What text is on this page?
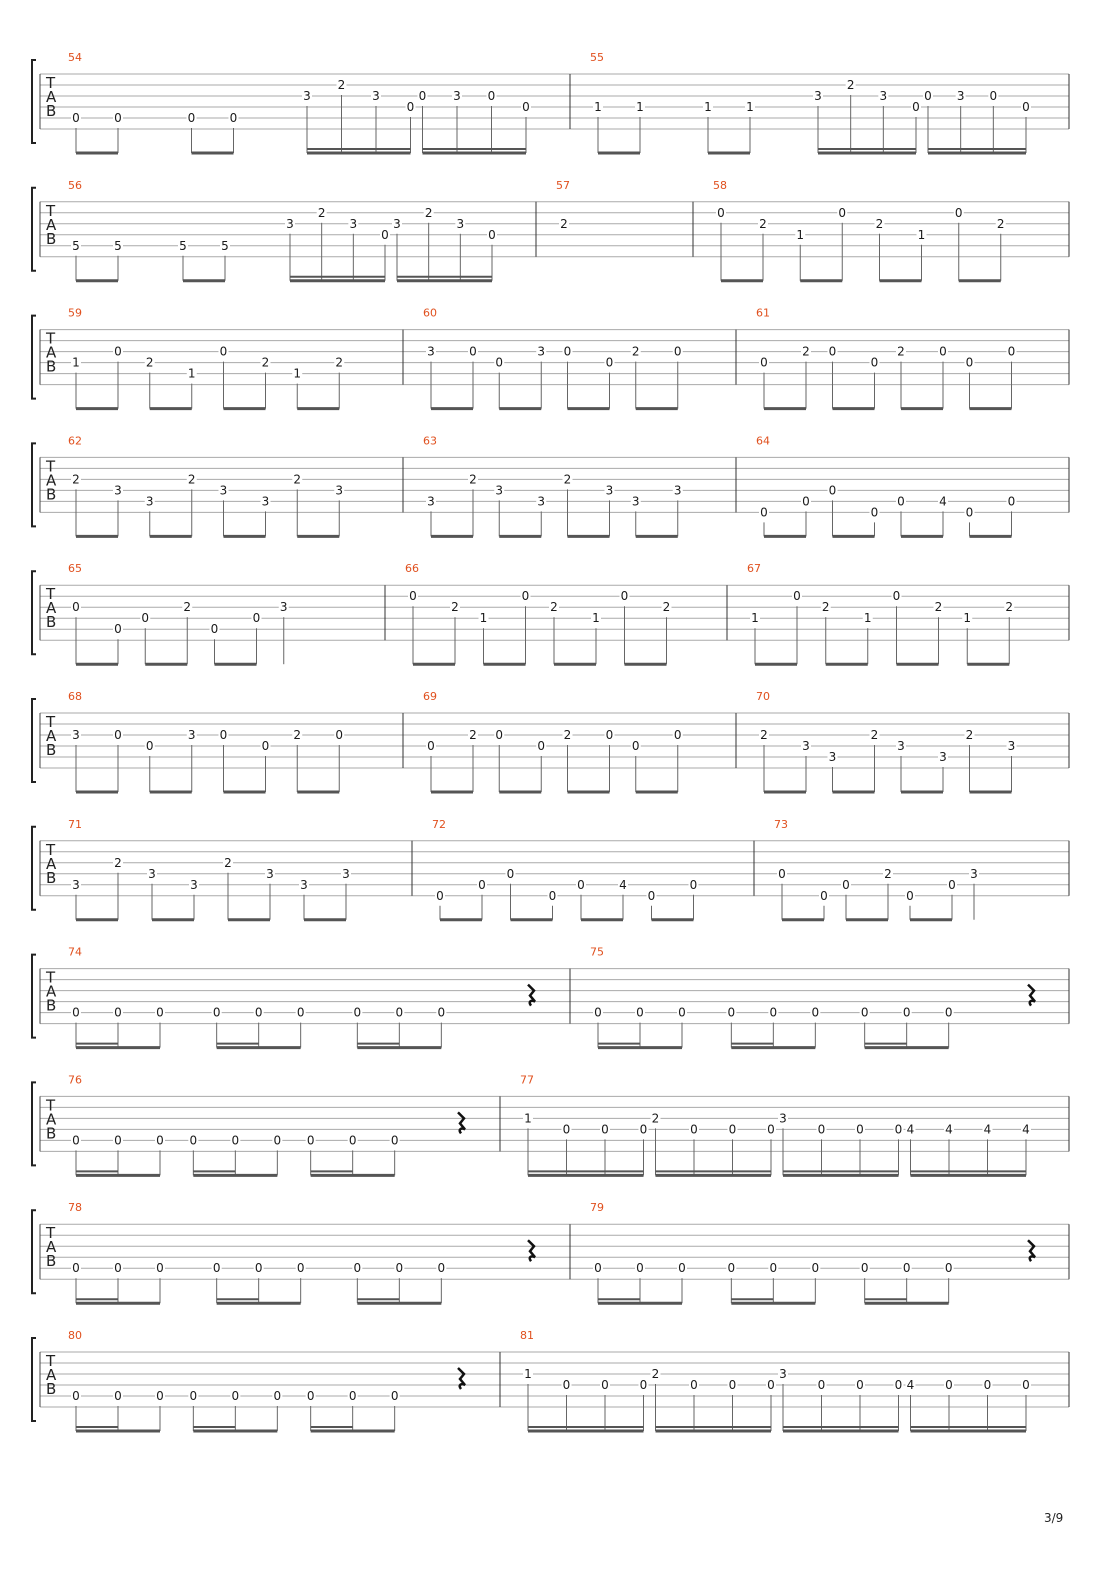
T
A
B
54
0	0	0	0
3
2
3
0
0 3 0
0
55
1	1	1	1
3
2
3
0
0 3 0
0
T
A
B
56
5	5	5	5
3
2
3
0
3
2
3
0
57
2
58
0
2
1
0
2
1
0
2
T
A
B
59
1
0
2
1
0
2
1
2
60
3	0
0
3 0
0
2	0
61
0
2 0
0
2	0
0
0
T
A
B
62
2
3
3
2
3
3
2
3
63
3
2
3
3
2
3
3
3
64
0
0
0
0
0	4
0
0
T
A
B
65
0
0
0
2
0
0
3
66
0
2
1
0
2
1
0
2
67
1
0
2
1
0
2
1
2
T
A
B
68
3	0
0
3 0
0
2	0
69
0
2 0
0
2	0
0
0
70
2
3
3
2
3
3
2
3
T
A
B
71
3
2
3
3
2
3
3
3
72
0
0
0
0
0	4
0
0
73
0
0
0
2
0
0
3
T
A
B
74
0	0	0	0	0	0	0	0	0
75
0	0	0	0	0	0	0	0	0
T
A
B
76
0	0	0 0	0	0 0	0	0
77
1
0	0	0
2
0	0	0
3
0	0	0 4	4	4	4
T
A
B
78
0	0	0	0	0	0	0	0	0
79
0	0	0	0	0	0	0	0	0
T
A
B
80
0	0	0 0	0	0 0	0	0
81
1
0	0	0
2
0	0	0
3
0	0	0 4	0	0	0
3/9
